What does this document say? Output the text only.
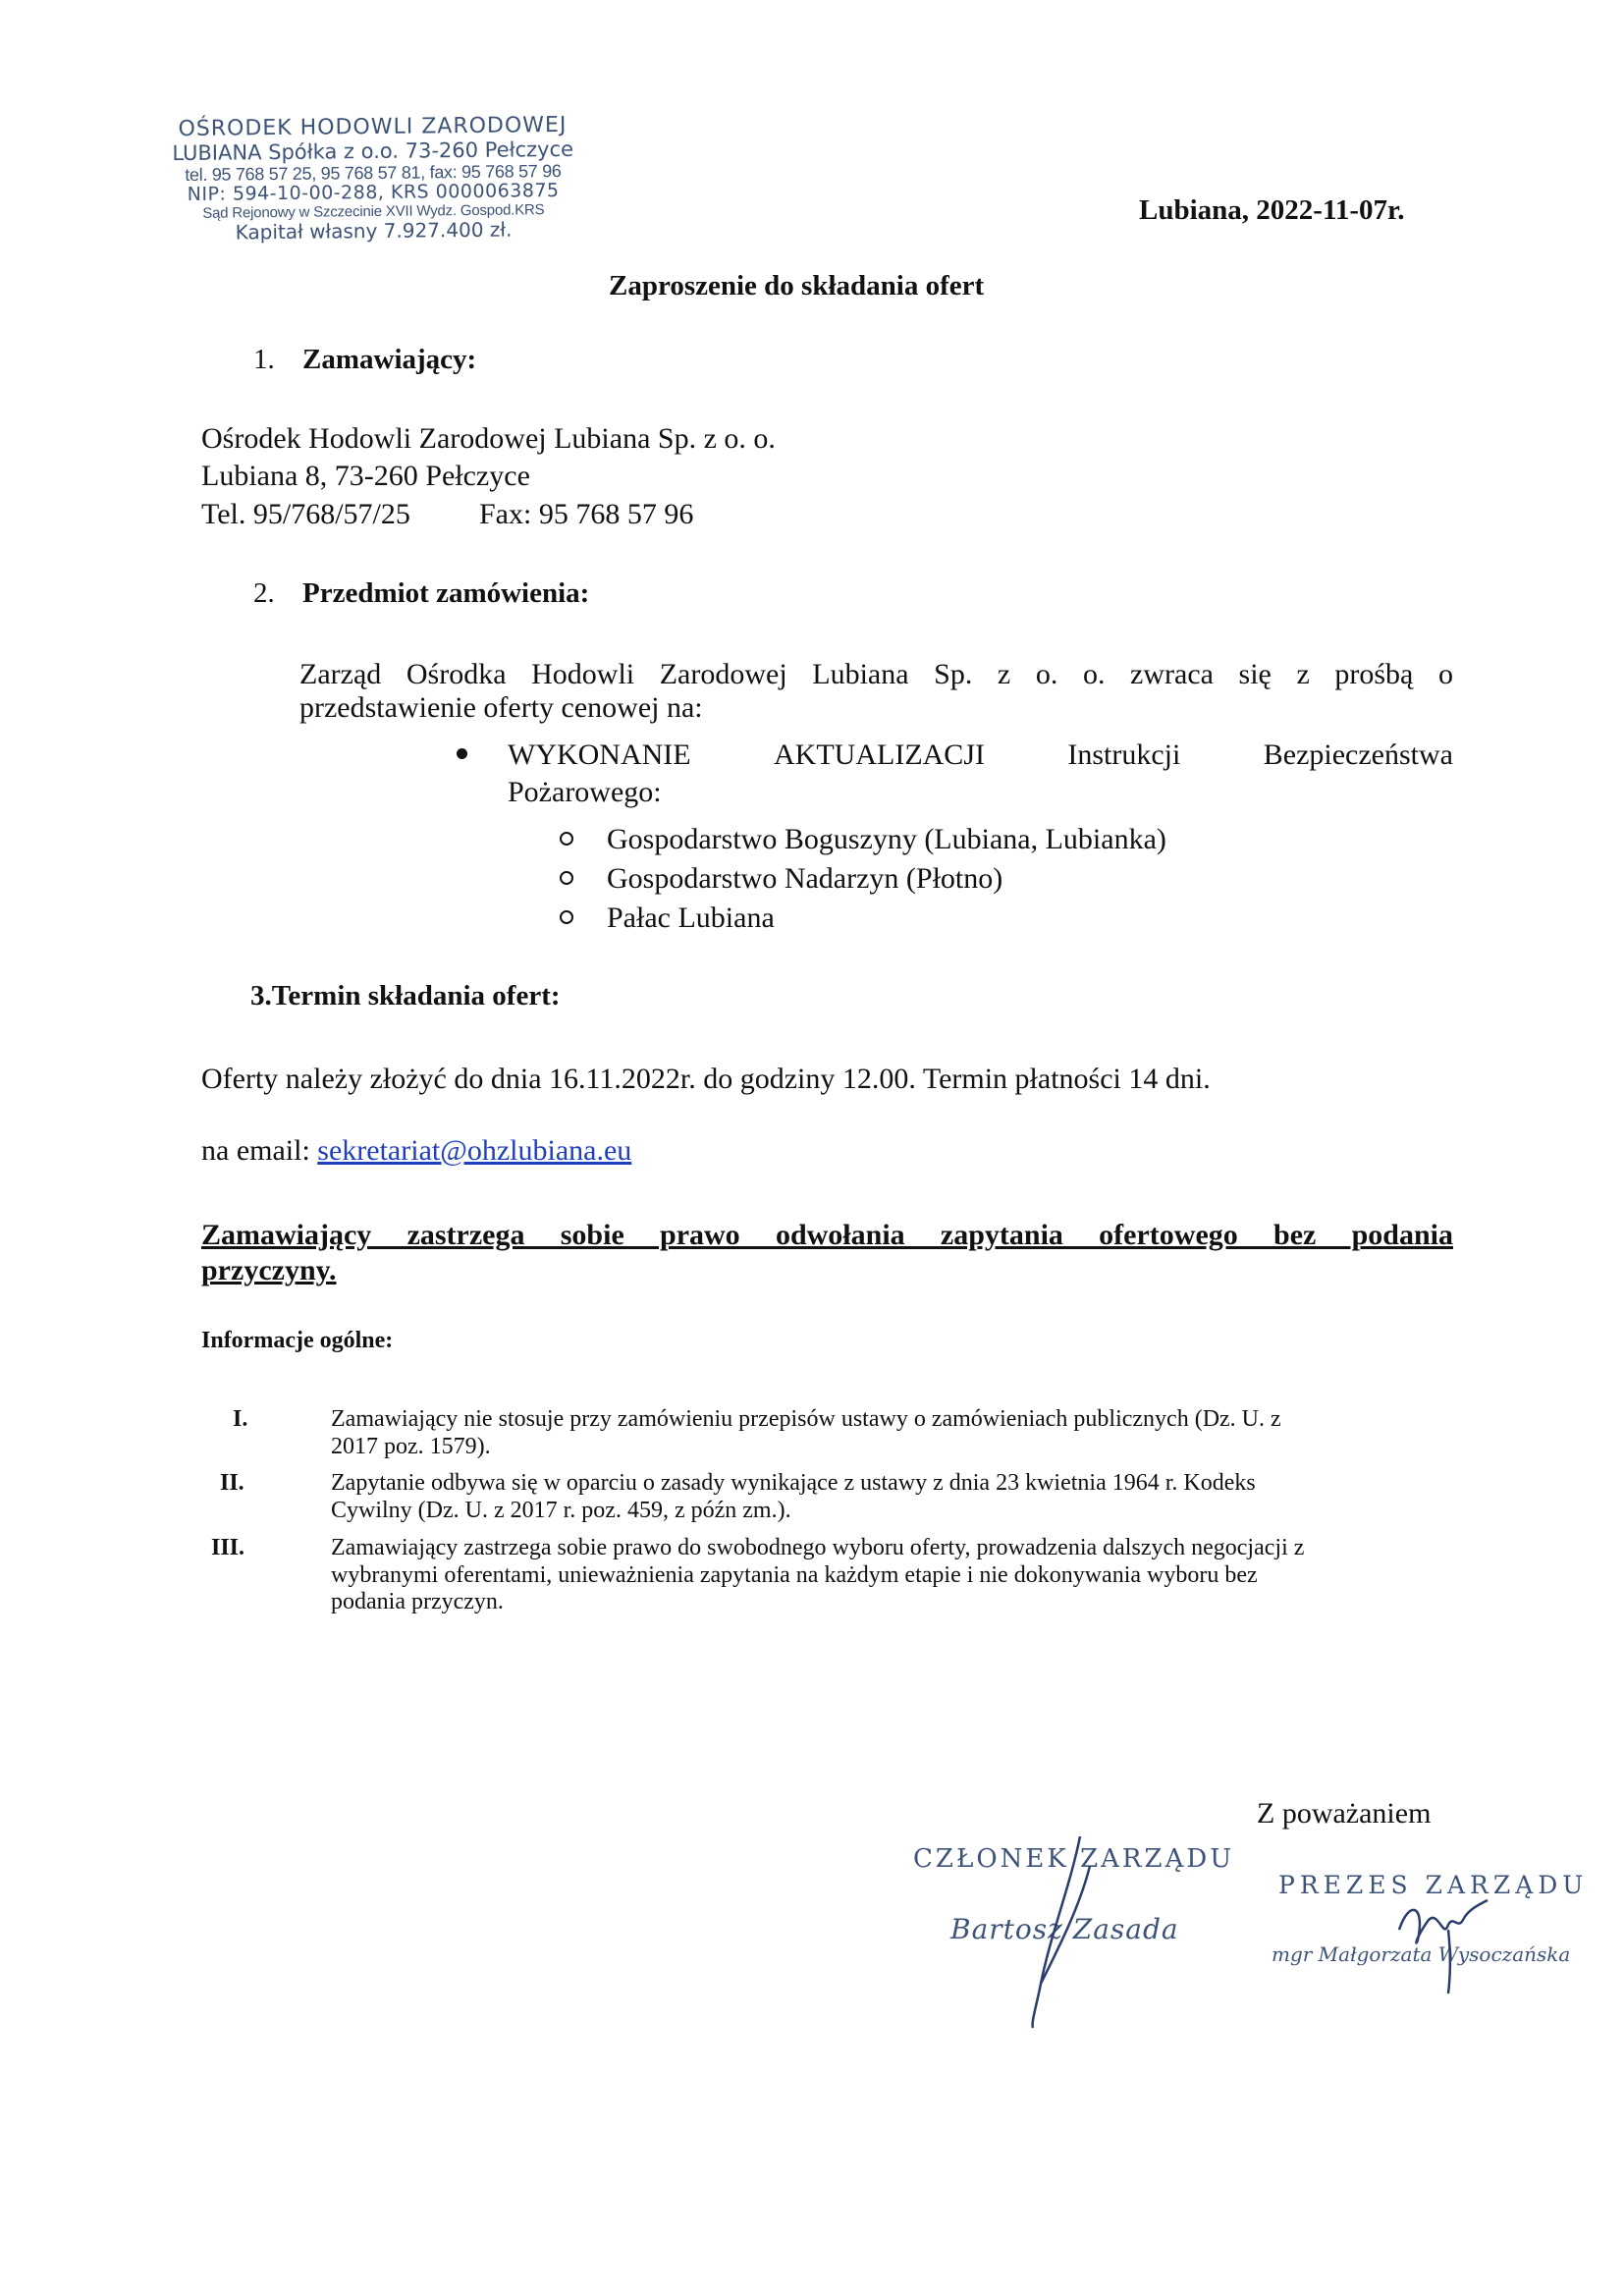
OŚRODEK HODOWLI ZARODOWEJ
LUBIANA Spółka z o.o. 73-260 Pełczyce
tel. 95 768 57 25, 95 768 57 81, fax: 95 768 57 96
NIP: 594-10-00-288, KRS 0000063875
Sąd Rejonowy w Szczecinie XVII Wydz. Gospod.KRS
Kapitał własny 7.927.400 zł.
Lubiana, 2022-11-07r.
Zaproszenie do składania ofert
1. Zamawiający:
Ośrodek Hodowli Zarodowej Lubiana Sp. z o. o.
Lubiana 8, 73-260 Pełczyce
Tel. 95/768/57/25 Fax: 95 768 57 96
2. Przedmiot zamówienia:
Zarząd Ośrodka Hodowli Zarodowej Lubiana Sp. z o. o. zwraca się z prośbą o
przedstawienie oferty cenowej na:
WYKONANIE	AKTUALIZACJI	Instrukcji	Bezpieczeństwa
Pożarowego:
Gospodarstwo Boguszyny (Lubiana, Lubianka)
Gospodarstwo Nadarzyn (Płotno)
Pałac Lubiana
3.Termin składania ofert:
Oferty należy złożyć do dnia 16.11.2022r. do godziny 12.00. Termin płatności 14 dni.
na email: sekretariat@ohzlubiana.eu
Zamawiający zastrzega sobie prawo odwołania zapytania ofertowego bez podania przyczyny.
Informacje ogólne:
I.	Zamawiający nie stosuje przy zamówieniu przepisów ustawy o zamówieniach publicznych (Dz. U. z
2017 poz. 1579).
II.	Zapytanie odbywa się w oparciu o zasady wynikające z ustawy z dnia 23 kwietnia 1964 r. Kodeks
Cywilny (Dz. U. z 2017 r. poz. 459, z późn zm.).
III.	Zamawiający zastrzega sobie prawo do swobodnego wyboru oferty, prowadzenia dalszych negocjacji z
wybranymi oferentami, unieważnienia zapytania na każdym etapie i nie dokonywania wyboru bez
podania przyczyn.
Z poważaniem
CZŁONEK ZARZĄDU
Bartosz Zasada
PREZES ZARZĄDU
mgr Małgorzata Wysoczańska
